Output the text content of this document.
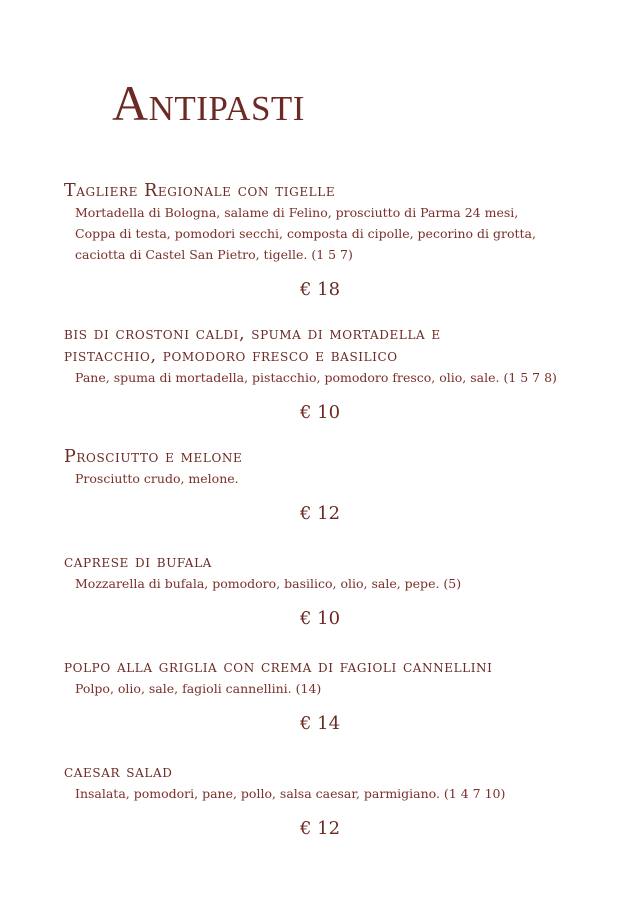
Antipasti

Tagliere Regionale con tigelle

Mortadella di Bologna, salame di Felino, prosciutto di Parma 24 mesi,

Coppa di testa, pomodori secchi, composta di cipolle, pecorino di grotta,

caciotta di Castel San Pietro, tigelle. (1 5 7)

€ 18

bis di crostoni caldi, spuma di mortadella e

pistacchio, pomodoro fresco e basilico

Pane, spuma di mortadella, pistacchio, pomodoro fresco, olio, sale. (1 5 7 8)

€ 10

Prosciutto e melone

Prosciutto crudo, melone.

€ 12

caprese di bufala

Mozzarella di bufala, pomodoro, basilico, olio, sale, pepe. (5)

€ 10

polpo alla griglia con crema di fagioli cannellini

Polpo, olio, sale, fagioli cannellini. (14)

€ 14

caesar salad

Insalata, pomodori, pane, pollo, salsa caesar, parmigiano. (1 4 7 10)

€ 12
